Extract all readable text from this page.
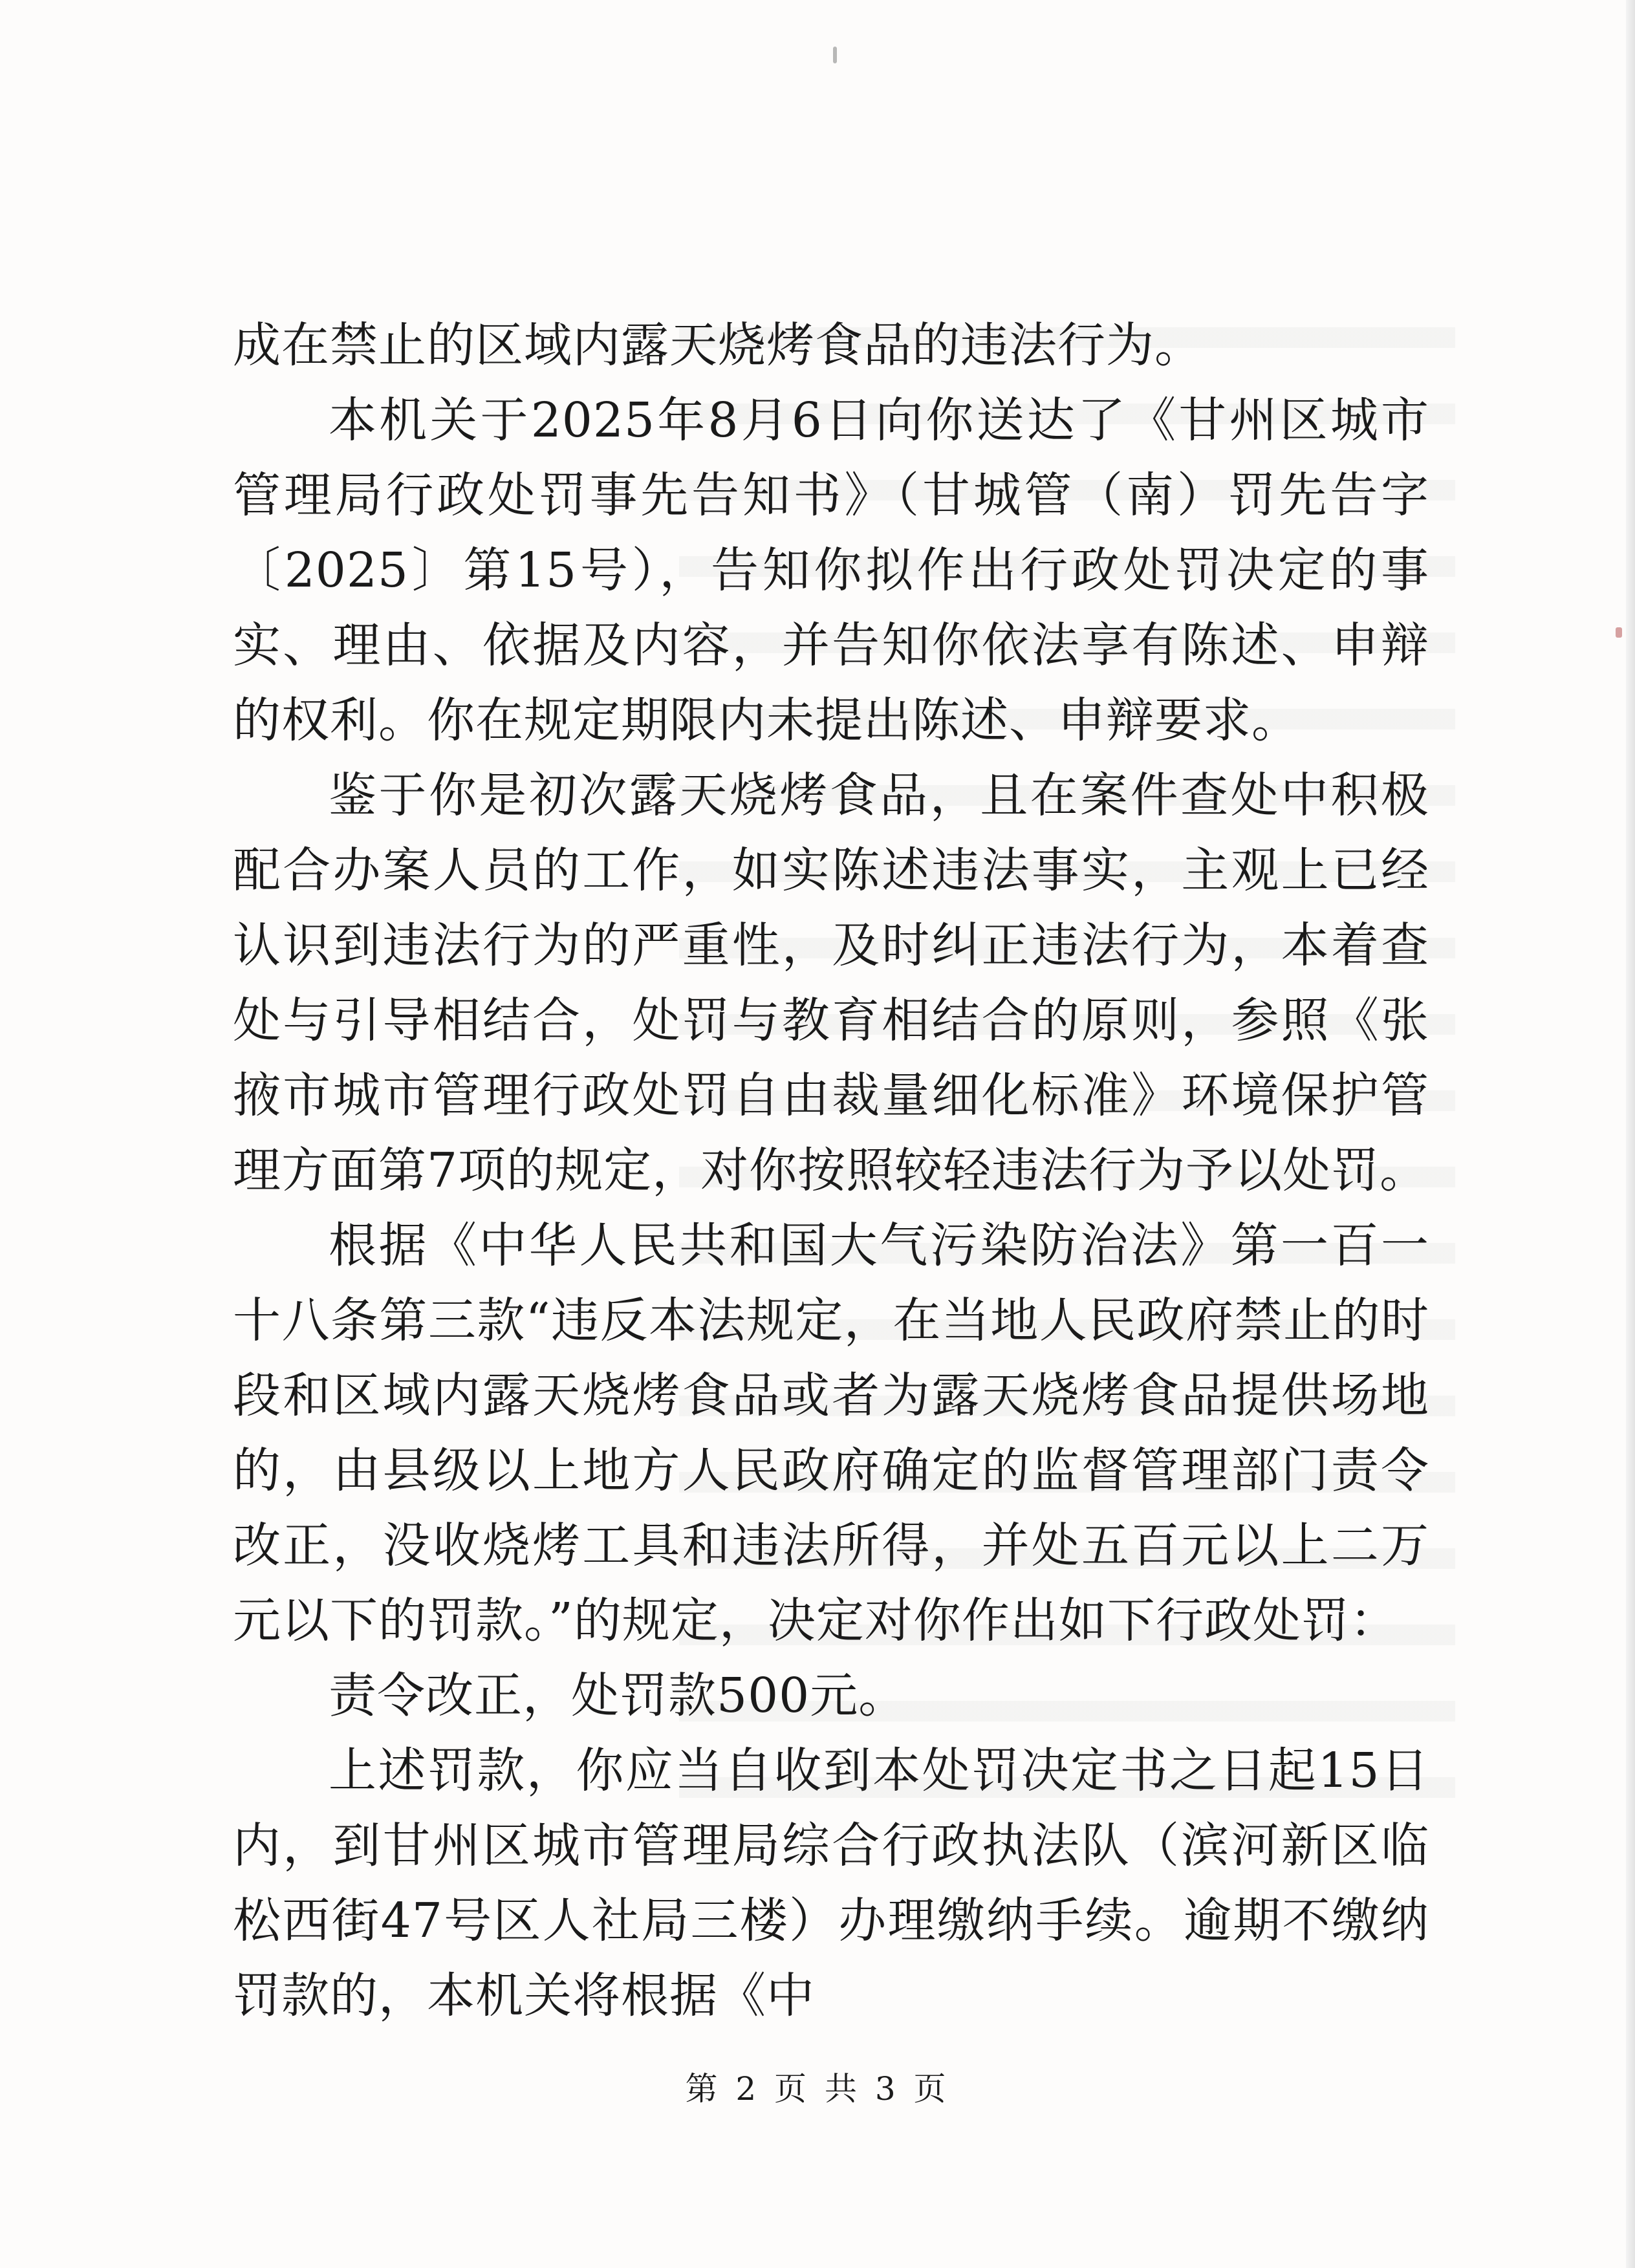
成在禁止的区域内露天烧烤食品的违法行为。

本机关于2025年8月6日向你送达了《甘州区城市管理局行政处罚事先告知书》（甘城管（南）罚先告字〔2025〕第15号），告知你拟作出行政处罚决定的事实、理由、依据及内容，并告知你依法享有陈述、申辩的权利。你在规定期限内未提出陈述、申辩要求。

鉴于你是初次露天烧烤食品，且在案件查处中积极配合办案人员的工作，如实陈述违法事实，主观上已经认识到违法行为的严重性，及时纠正违法行为，本着查处与引导相结合，处罚与教育相结合的原则，参照《张掖市城市管理行政处罚自由裁量细化标准》环境保护管理方面第7项的规定，对你按照较轻违法行为予以处罚。

根据《中华人民共和国大气污染防治法》第一百一十八条第三款“违反本法规定，在当地人民政府禁止的时段和区域内露天烧烤食品或者为露天烧烤食品提供场地的，由县级以上地方人民政府确定的监督管理部门责令改正，没收烧烤工具和违法所得，并处五百元以上二万元以下的罚款。”的规定，决定对你作出如下行政处罚：

责令改正，处罚款500元。

上述罚款，你应当自收到本处罚决定书之日起15日内，到甘州区城市管理局综合行政执法队（滨河新区临松西街47号区人社局三楼）办理缴纳手续。逾期不缴纳罚款的，本机关将根据《中

第 2 页 共 3 页
